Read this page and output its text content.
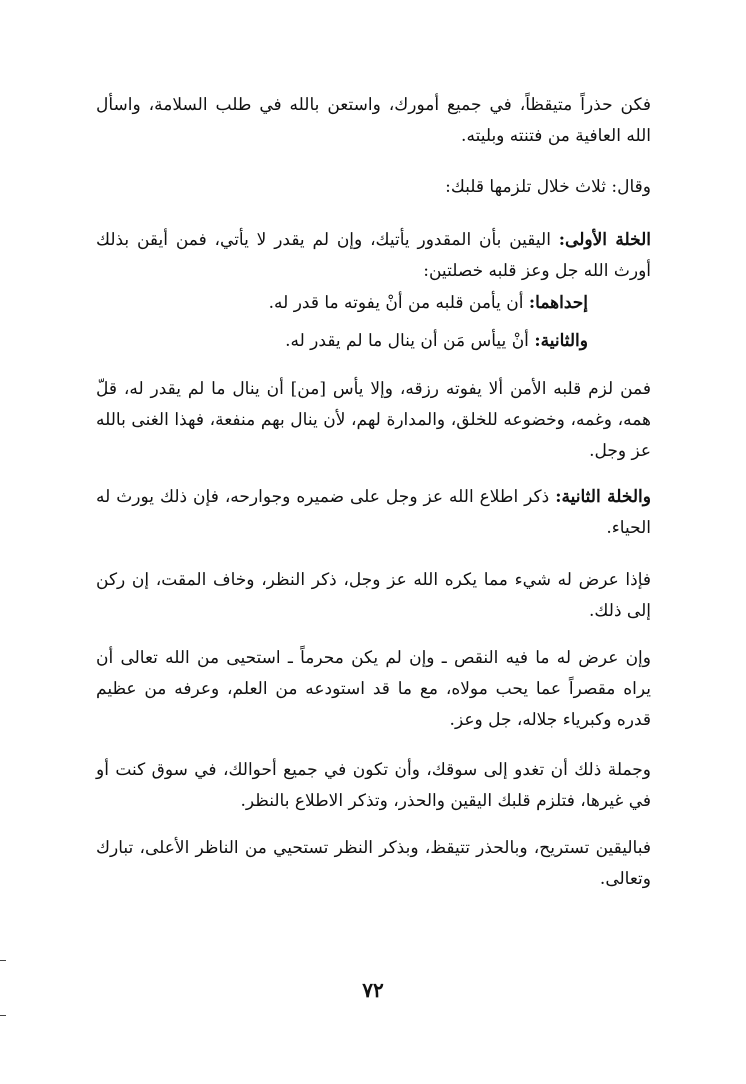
فكن حذراً متيقظاً، في جميع أمورك، واستعن بالله في طلب السلامة، واسأل الله العافية من فتنته وبليته.

وقال: ثلاث خلال تلزمها قلبك:

الخلة الأولى: اليقين بأن المقدور يأتيك، وإن لم يقدر لا يأتي، فمن أيقن بذلك أورث الله جل وعز قلبه خصلتين:

إحداهما: أن يأمن قلبه من أنْ يفوته ما قدر له.

والثانية: أنْ ييأس مَن أن ينال ما لم يقدر له.

فمن لزم قلبه الأمن ألا يفوته رزقه، وإلا يأس [من] أن ينال ما لم يقدر له، قلّ همه، وغمه، وخضوعه للخلق، والمدارة لهم، لأن ينال بهم منفعة، فهذا الغنى بالله عز وجل.

والخلة الثانية: ذكر اطلاع الله عز وجل على ضميره وجوارحه، فإن ذلك يورث له الحياء.

فإذا عرض له شيء مما يكره الله عز وجل، ذكر النظر، وخاف المقت، إن ركن إلى ذلك.

وإن عرض له ما فيه النقص ـ وإن لم يكن محرماً ـ استحيى من الله تعالى أن يراه مقصراً عما يحب مولاه، مع ما قد استودعه من العلم، وعرفه من عظيم قدره وكبرياء جلاله، جل وعز.

وجملة ذلك أن تغدو إلى سوقك، وأن تكون في جميع أحوالك، في سوق كنت أو في غيرها، فتلزم قلبك اليقين والحذر، وتذكر الاطلاع بالنظر.

فباليقين تستريح، وبالحذر تتيقظ، وبذكر النظر تستحيي من الناظر الأعلى، تبارك وتعالى.

٧٢
